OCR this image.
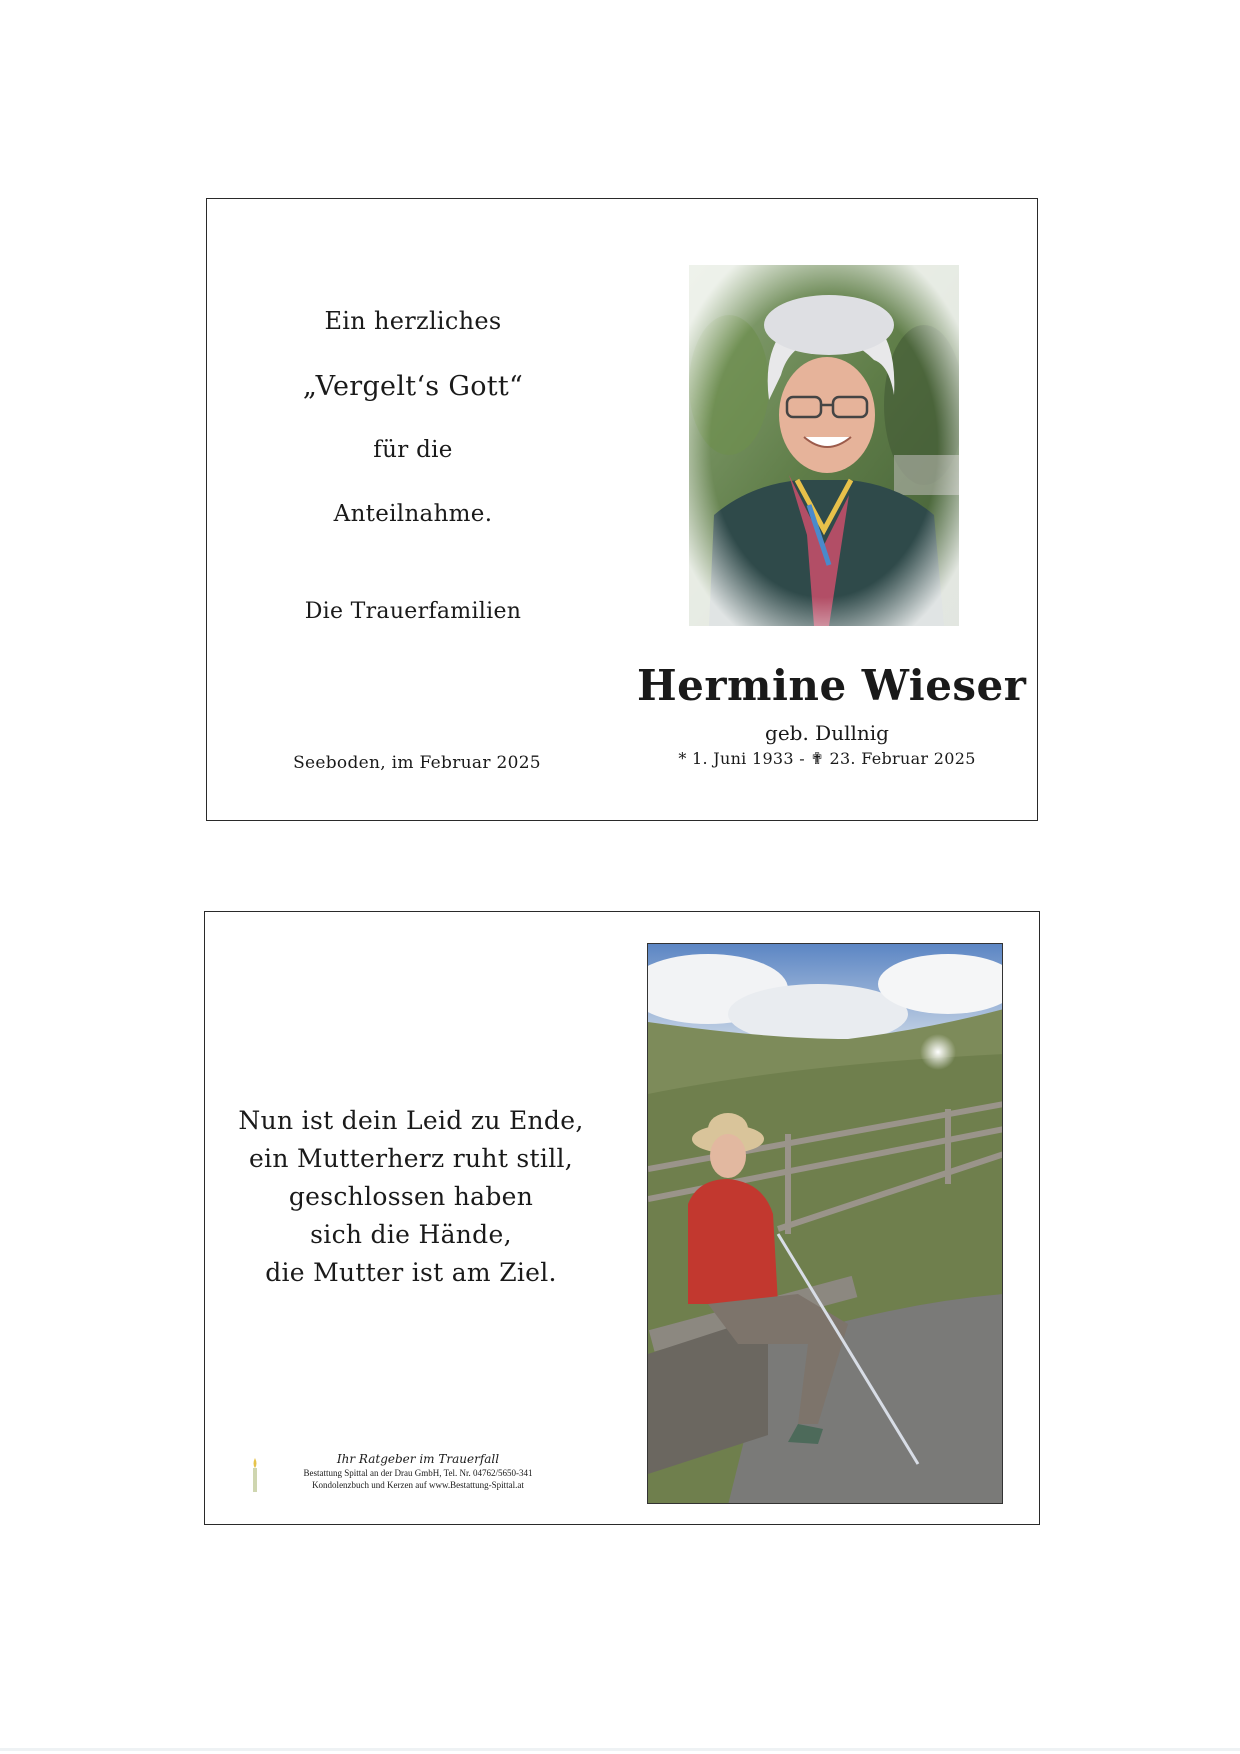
Ein herzliches
„Vergelt‘s Gott“
für die
Anteilnahme.
Die Trauerfamilien
Seeboden, im Februar 2025
Hermine Wieser
geb. Dullnig
* 1. Juni 1933 - ✟ 23. Februar 2025
Nun ist dein Leid zu Ende,
ein Mutterherz ruht still,
geschlossen haben
sich die Hände,
die Mutter ist am Ziel.
Ihr Ratgeber im Trauerfall
Bestattung Spittal an der Drau GmbH, Tel. Nr. 04762/5650-341
Kondolenzbuch und Kerzen auf www.Bestattung-Spittal.at
